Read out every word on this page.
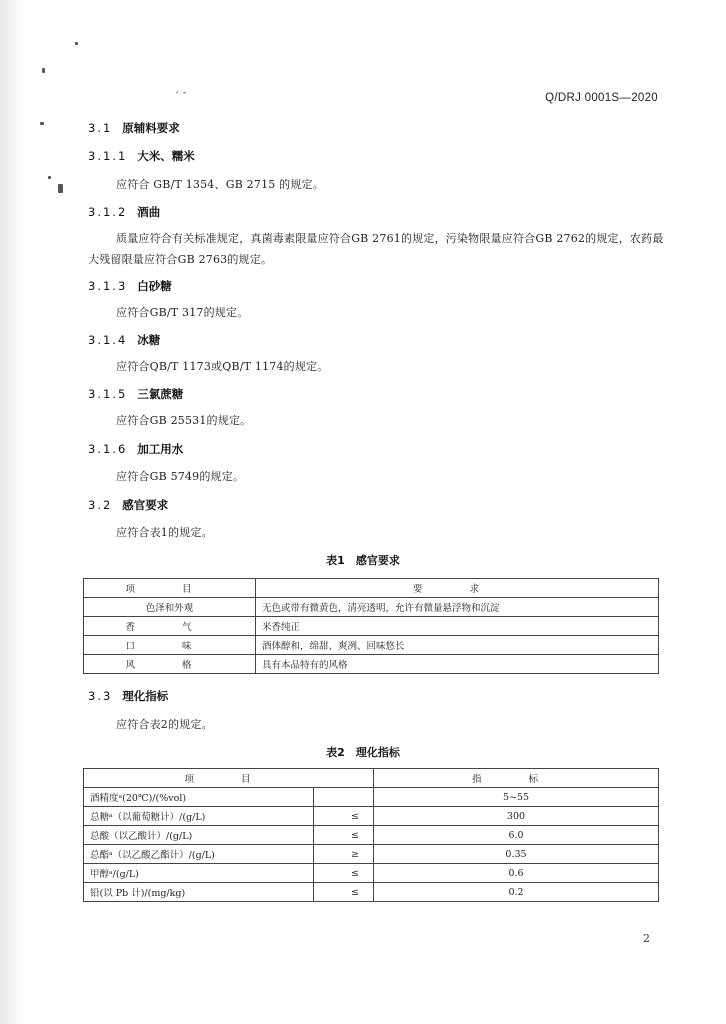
ˊ ˉ	Q/DRJ 0001S—2020
3.1 原辅料要求
3.1.1 大米、糯米
应符合 GB/T 1354、GB 2715 的规定。
3.1.2 酒曲
质量应符合有关标准规定，真菌毒素限量应符合GB 2761的规定，污染物限量应符合GB 2762的规定，农药最大残留限量应符合GB 2763的规定。
3.1.3 白砂糖
应符合GB/T 317的规定。
3.1.4 冰糖
应符合QB/T 1173或QB/T 1174的规定。
3.1.5 三氯蔗糖
应符合GB 25531的规定。
3.1.6 加工用水
应符合GB 5749的规定。
3.2 感官要求
应符合表1的规定。
表1　感官要求
项 目	要 求
色泽和外观	无色或带有微黄色，清亮透明，允许有微量悬浮物和沉淀
香 气	米香纯正
口 味	酒体醇和，绵甜、爽冽、回味悠长
风 格	具有本品特有的风格
3.3 理化指标
应符合表2的规定。
表2　理化指标
项 目		指 标
酒精度ᵃ(20℃)/(%vol)		5~55
总糖ᵃ（以葡萄糖计）/(g/L)	≤	300
总酸（以乙酸计）/(g/L)	≤	6.0
总酯ᵃ（以乙酸乙酯计）/(g/L)	≥	0.35
甲醇ᵃ/(g/L)	≤	0.6
铅(以 Pb 计)/(mg/kg)	≤	0.2
2
